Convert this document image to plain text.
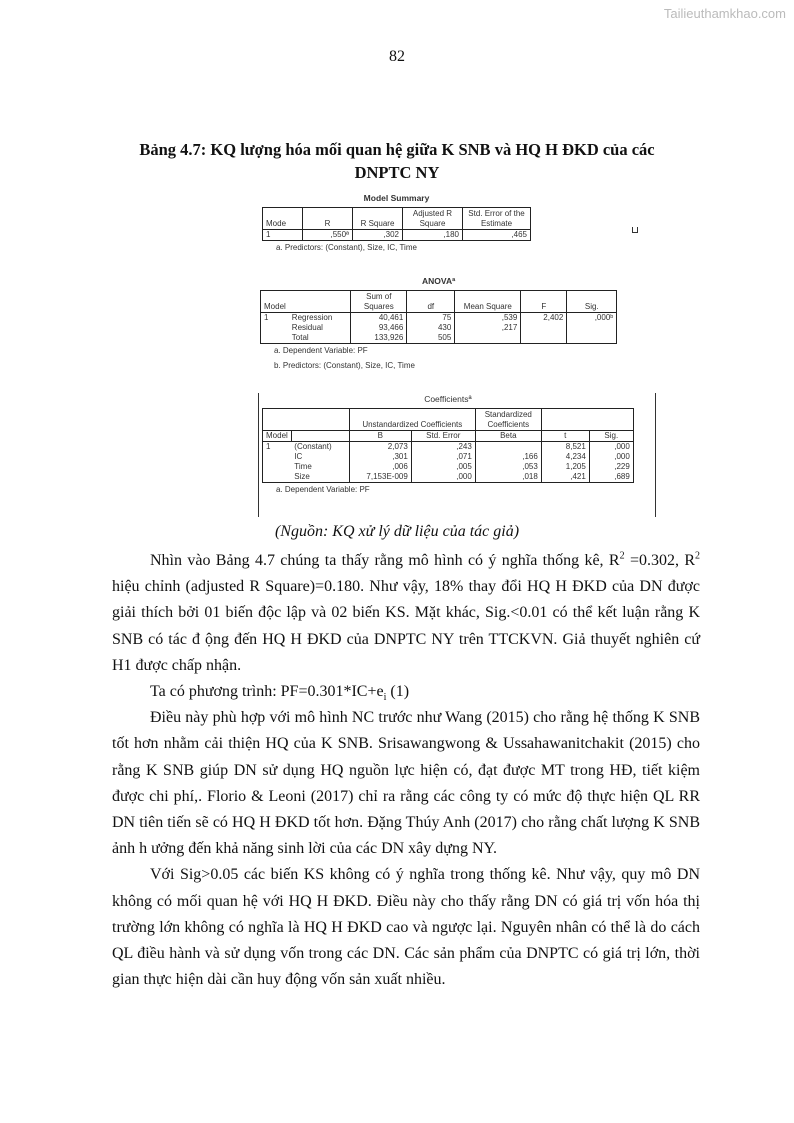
Tailieuthamkhao.com
82
Bảng 4.7: KQ lượng hóa mối quan hệ giữa K SNB và HQ H ĐKD của các
DNPTC NY
Model Summary
Mode	R	R Square	Adjusted R Square	Std. Error of the Estimate
1	,550ª	,302	,180	,465
a. Predictors: (Constant), Size, IC, Time
ANOVAª
Model		Sum of Squares	df	Mean Square	F	Sig.
1	Regression	40,461	75	,539	2,402	,000ᵇ
	Residual	93,466	430	,217		
	Total	133,926	505			
a. Dependent Variable: PF
b. Predictors: (Constant), Size, IC, Time
Coefficientsª
		Unstandardized Coefficients		Standardized Coefficients		
Model		B	Std. Error	Beta	t	Sig.
1	(Constant)	2,073	,243		8,521	,000
	IC	,301	,071	,166	4,234	,000
	Time	,006	,005	,053	1,205	,229
	Size	7,153E-009	,000	,018	,421	,689
a. Dependent Variable: PF
(Nguồn: KQ xử lý dữ liệu của tác giả)

Nhìn vào Bảng 4.7 chúng ta thấy rằng mô hình có ý nghĩa thống kê, $R^2 =0.302$, $R^2$ hiệu chỉnh (adjusted R Square)=0.180. Như vậy, 18% thay đổi HQ H ĐKD của DN được giải thích bởi 01 biến độc lập và 02 biến KS. Mặt khác, Sig.<0.01 có thể kết luận rằng K SNB có tác đ ộng đến HQ H ĐKD của DNPTC NY trên TTCKVN. Giả thuyết nghiên cứ H1 được chấp nhận.

Ta có phương trình: $PF=0.301*IC+e_i$ (1)

Điều này phù hợp với mô hình NC trước như Wang (2015) cho rằng hệ thống K SNB tốt hơn nhằm cải thiện HQ của K SNB. Srisawangwong & Ussahawanitchakit (2015) cho rằng K SNB giúp DN sử dụng HQ nguồn lực hiện có, đạt được MT trong HĐ, tiết kiệm được chi phí,. Florio & Leoni (2017) chỉ ra rằng các công ty có mức độ thực hiện QL RR DN tiên tiến sẽ có HQ H ĐKD tốt hơn. Đặng Thúy Anh (2017) cho rằng chất lượng K SNB ảnh h ưởng đến khả năng sinh lời của các DN xây dựng NY.

Với Sig>0.05 các biến KS không có ý nghĩa trong thống kê. Như vậy, quy mô DN không có mối quan hệ với HQ H ĐKD. Điều này cho thấy rằng DN có giá trị vốn hóa thị trường lớn không có nghĩa là HQ H ĐKD cao và ngược lại. Nguyên nhân có thể là do cách QL điều hành và sử dụng vốn trong các DN. Các sản phẩm của DNPTC có giá trị lớn, thời gian thực hiện dài cần huy động vốn sản xuất nhiều.
